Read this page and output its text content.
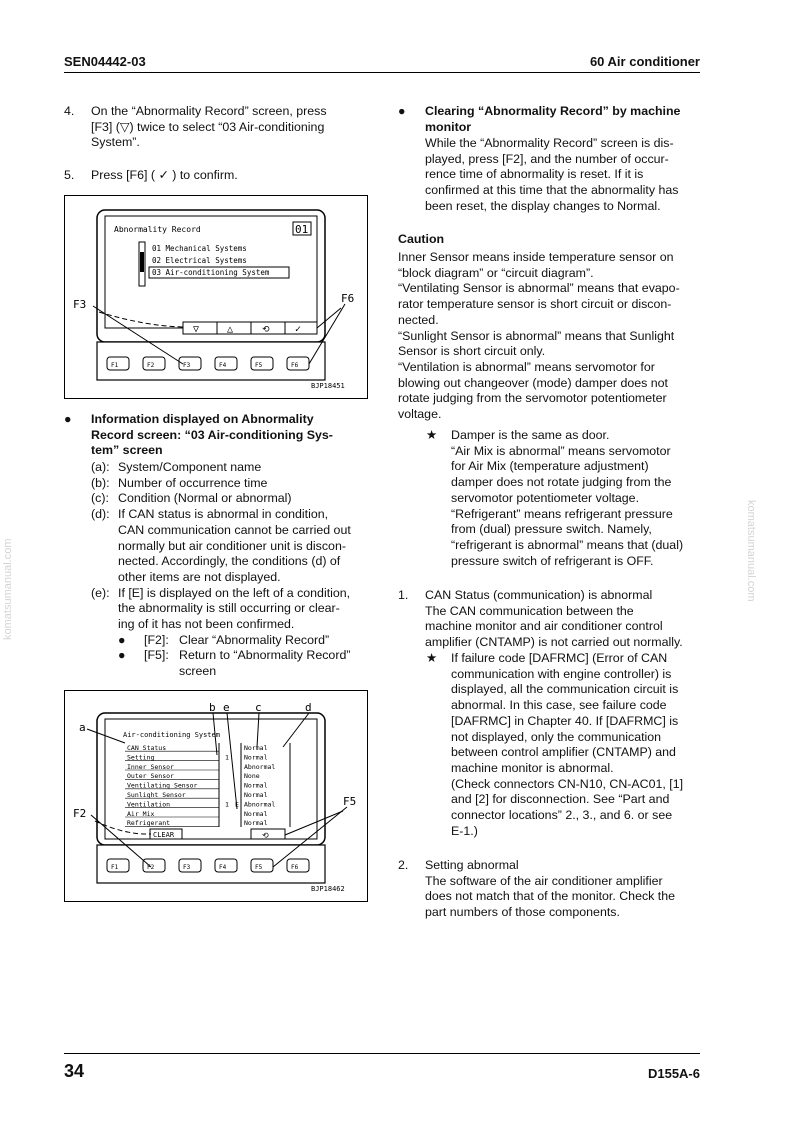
SEN04442-03	60 Air conditioner
komatsumanual.com	komatsumanual.com
4. On the “Abnormality Record” screen, press

[F3] (▽) twice to select “03 Air-conditioning

System”.

5. Press [F6] ( ✓ ) to confirm.

Abnormality Record	01
01 Mechanical Systems
02 Electrical Systems
03 Air-conditioning System
▽	△	⟲	✓
F1	F2	F3	F4	F5	F6
F3	F6
BJP18451
● Information displayed on Abnormality

Record screen: “03 Air-conditioning Sys-

tem” screen

(a): System/Component name

(b): Number of occurrence time

(c): Condition (Normal or abnormal)

(d): If CAN status is abnormal in condition,

CAN communication cannot be carried out

normally but air conditioner unit is discon-

nected. Accordingly, the conditions (d) of

other items are not displayed.

(e): If [E] is displayed on the left of a condition,

the abnormality is still occurring or clear-

ing of it has not been confirmed.

● [F2]: Clear “Abnormality Record”

● [F5]: Return to “Abnormality Record”

screen

Air-conditioning System
CAN Status	Normal
Setting	1 Normal
Inner Sensor	Abnormal
Outer Sensor	None
Ventilating Sensor	Normal
Sunlight Sensor	Normal
Ventilation	1 E Abnormal
Air Mix	Normal
Refrigerant	Normal
CLEAR	⟲
F1	F2	F3	F4	F5	F6
a
b e c	d
F2
F5
BJP18462
● Clearing “Abnormality Record” by machine

monitor

While the “Abnormality Record” screen is dis-

played, press [F2], and the number of occur-

rence time of abnormality is reset. If it is

confirmed at this time that the abnormality has

been reset, the display changes to Normal.

Caution

Inner Sensor means inside temperature sensor on

“block diagram” or “circuit diagram”.

“Ventilating Sensor is abnormal” means that evapo-

rator temperature sensor is short circuit or discon-

nected.

“Sunlight Sensor is abnormal” means that Sunlight

Sensor is short circuit only.

“Ventilation is abnormal” means servomotor for

blowing out changeover (mode) damper does not

rotate judging from the servomotor potentiometer

voltage.

★ Damper is the same as door.

“Air Mix is abnormal” means servomotor

for Air Mix (temperature adjustment)

damper does not rotate judging from the

servomotor potentiometer voltage.

“Refrigerant” means refrigerant pressure

from (dual) pressure switch. Namely,

“refrigerant is abnormal” means that (dual)

pressure switch of refrigerant is OFF.

1. CAN Status (communication) is abnormal

The CAN communication between the

machine monitor and air conditioner control

amplifier (CNTAMP) is not carried out normally.

★ If failure code [DAFRMC] (Error of CAN

communication with engine controller) is

displayed, all the communication circuit is

abnormal. In this case, see failure code

[DAFRMC] in Chapter 40. If [DAFRMC] is

not displayed, only the communication

between control amplifier (CNTAMP) and

machine monitor is abnormal.

(Check connectors CN-N10, CN-AC01, [1]

and [2] for disconnection. See “Part and

connector locations” 2., 3., and 6. or see

E-1.)

2. Setting abnormal

The software of the air conditioner amplifier

does not match that of the monitor. Check the

part numbers of those components.

34	D155A-6
